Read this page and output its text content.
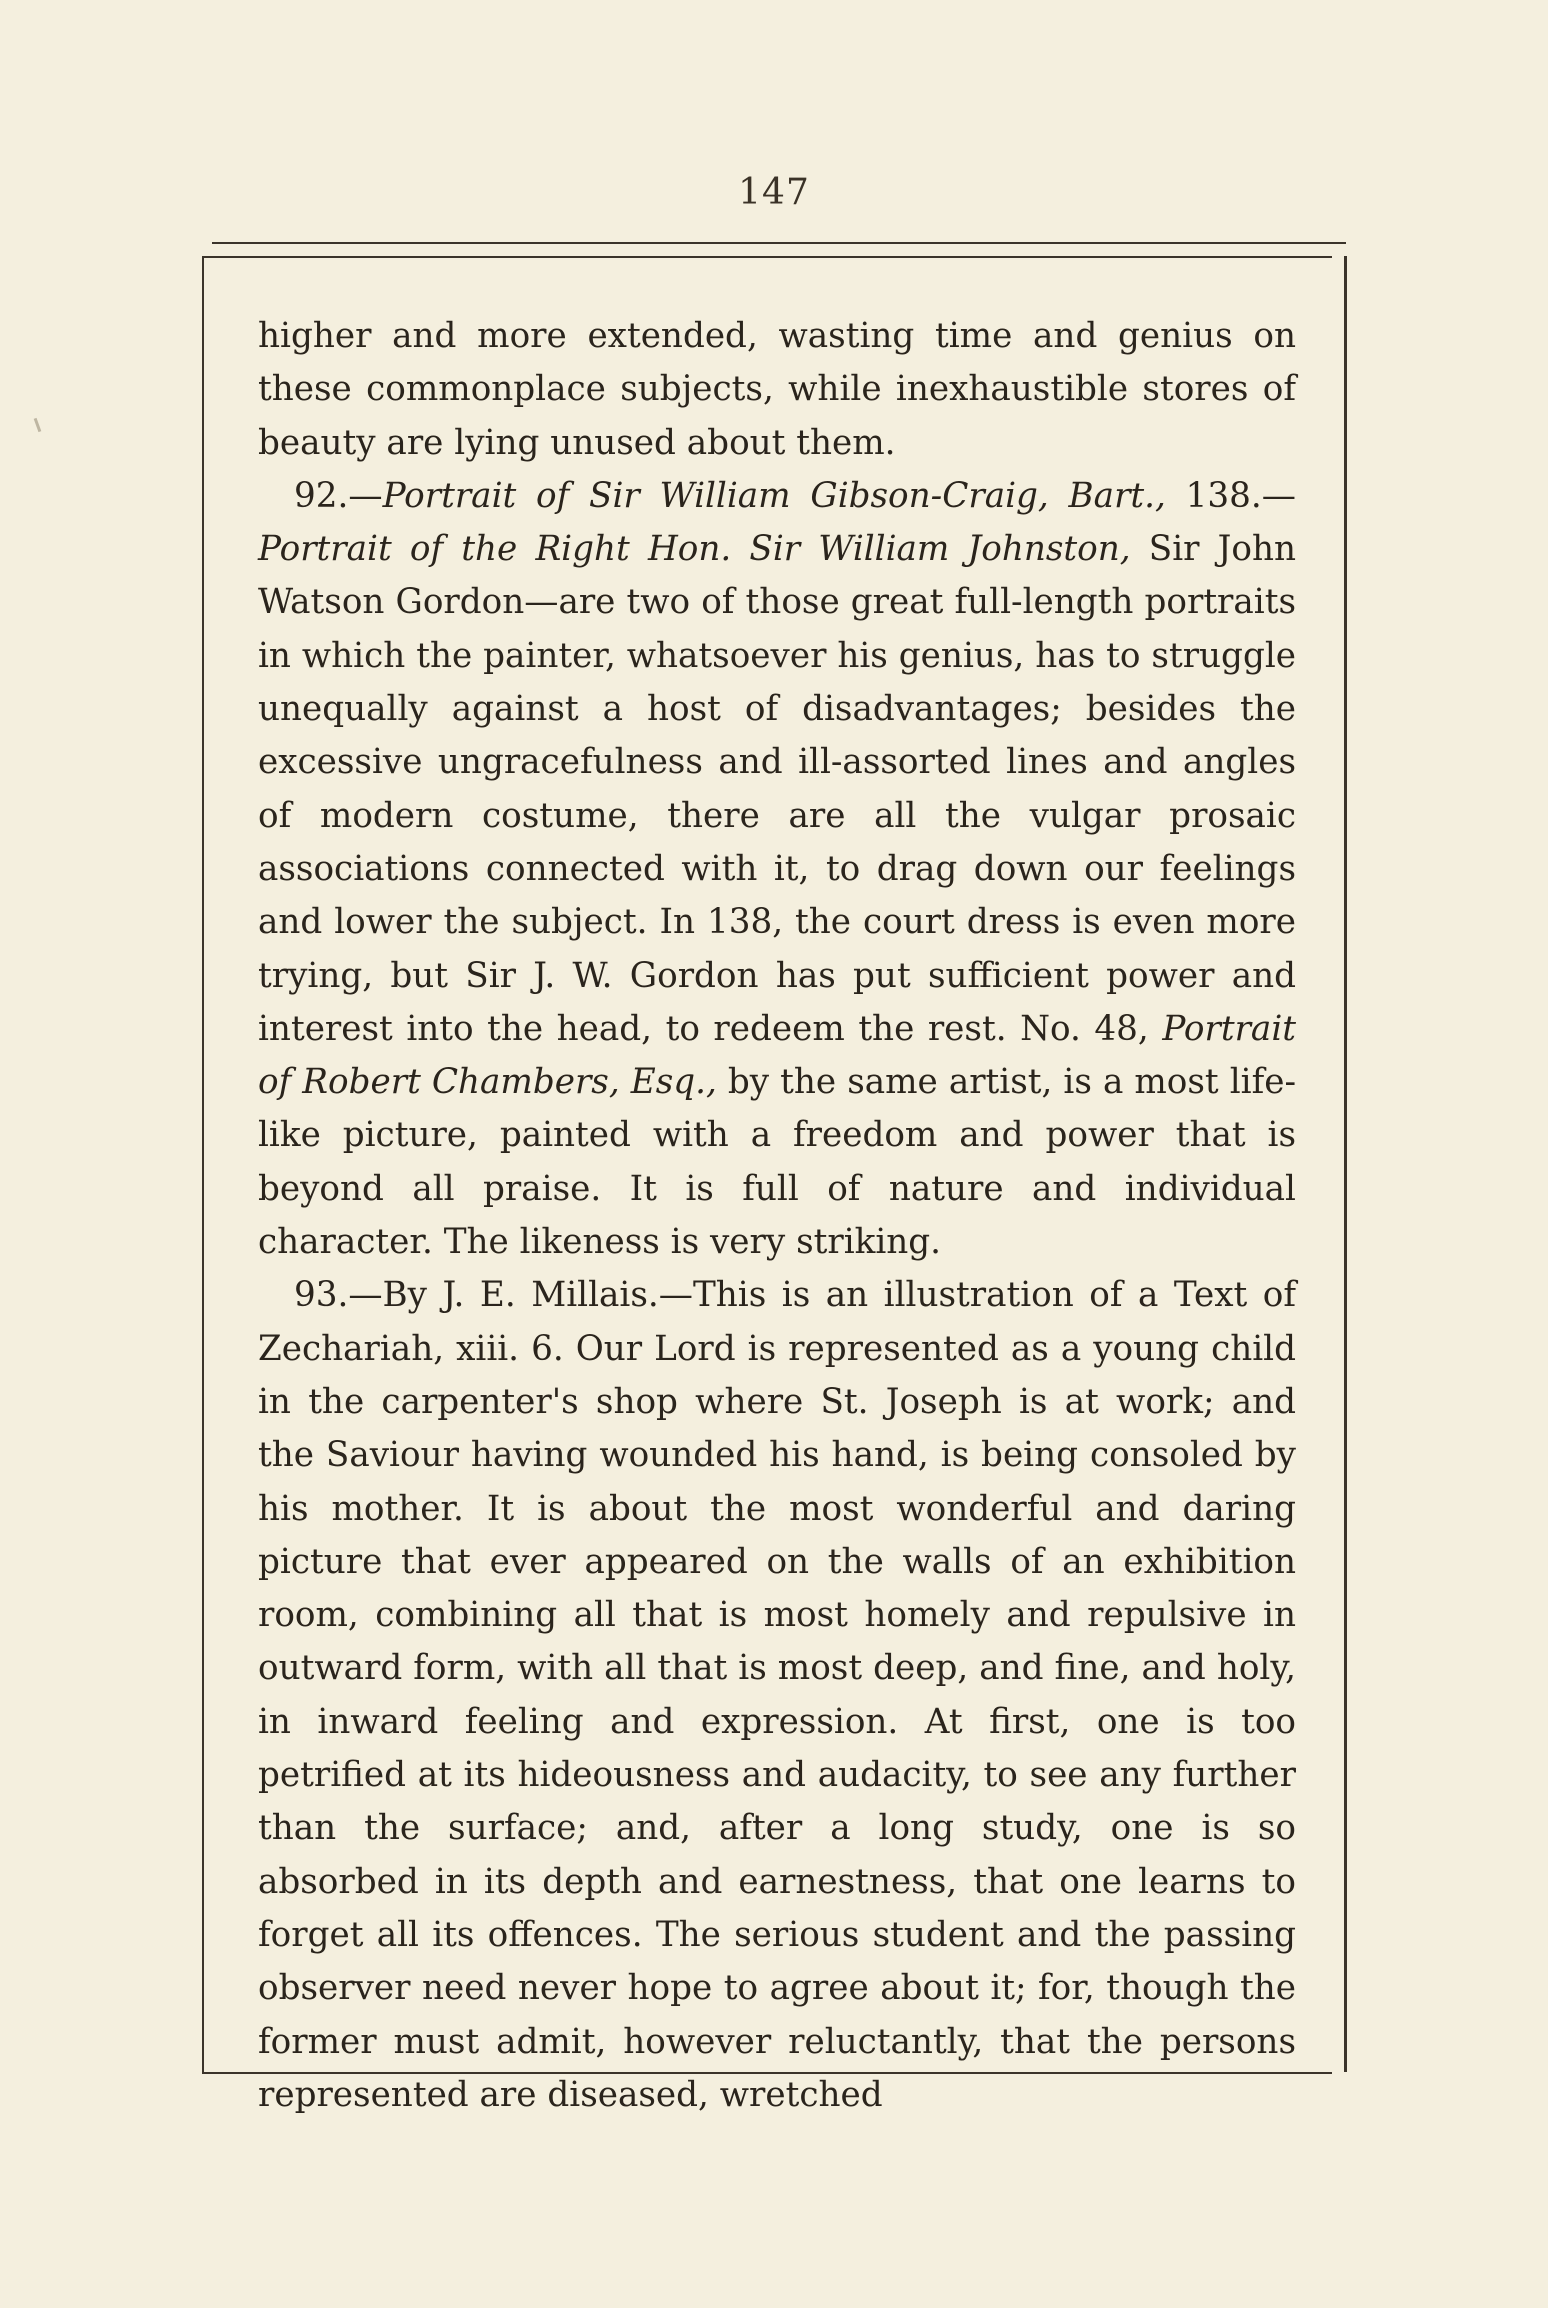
147

higher and more extended, wasting time and genius on these commonplace subjects, while inexhaustible stores of beauty are lying unused about them.

92.—Portrait of Sir William Gibson-Craig, Bart., 138.—Portrait of the Right Hon. Sir William Johnston, Sir John Watson Gordon—are two of those great full-length portraits in which the painter, whatsoever his genius, has to struggle unequally against a host of disadvantages; besides the excessive ungracefulness and ill-assorted lines and angles of modern costume, there are all the vulgar prosaic associations connected with it, to drag down our feelings and lower the subject. In 138, the court dress is even more trying, but Sir J. W. Gordon has put sufficient power and interest into the head, to redeem the rest. No. 48, Portrait of Robert Chambers, Esq., by the same artist, is a most life-like picture, painted with a freedom and power that is beyond all praise. It is full of nature and individual character. The likeness is very striking.

93.—By J. E. Millais.—This is an illustration of a Text of Zechariah, xiii. 6. Our Lord is represented as a young child in the carpenter's shop where St. Joseph is at work; and the Saviour having wounded his hand, is being consoled by his mother. It is about the most wonderful and daring picture that ever appeared on the walls of an exhibition room, combining all that is most homely and repulsive in outward form, with all that is most deep, and fine, and holy, in inward feeling and expression. At first, one is too petrified at its hideousness and audacity, to see any further than the surface; and, after a long study, one is so absorbed in its depth and earnestness, that one learns to forget all its offences. The serious student and the passing observer need never hope to agree about it; for, though the former must admit, however reluctantly, that the persons represented are diseased, wretched
